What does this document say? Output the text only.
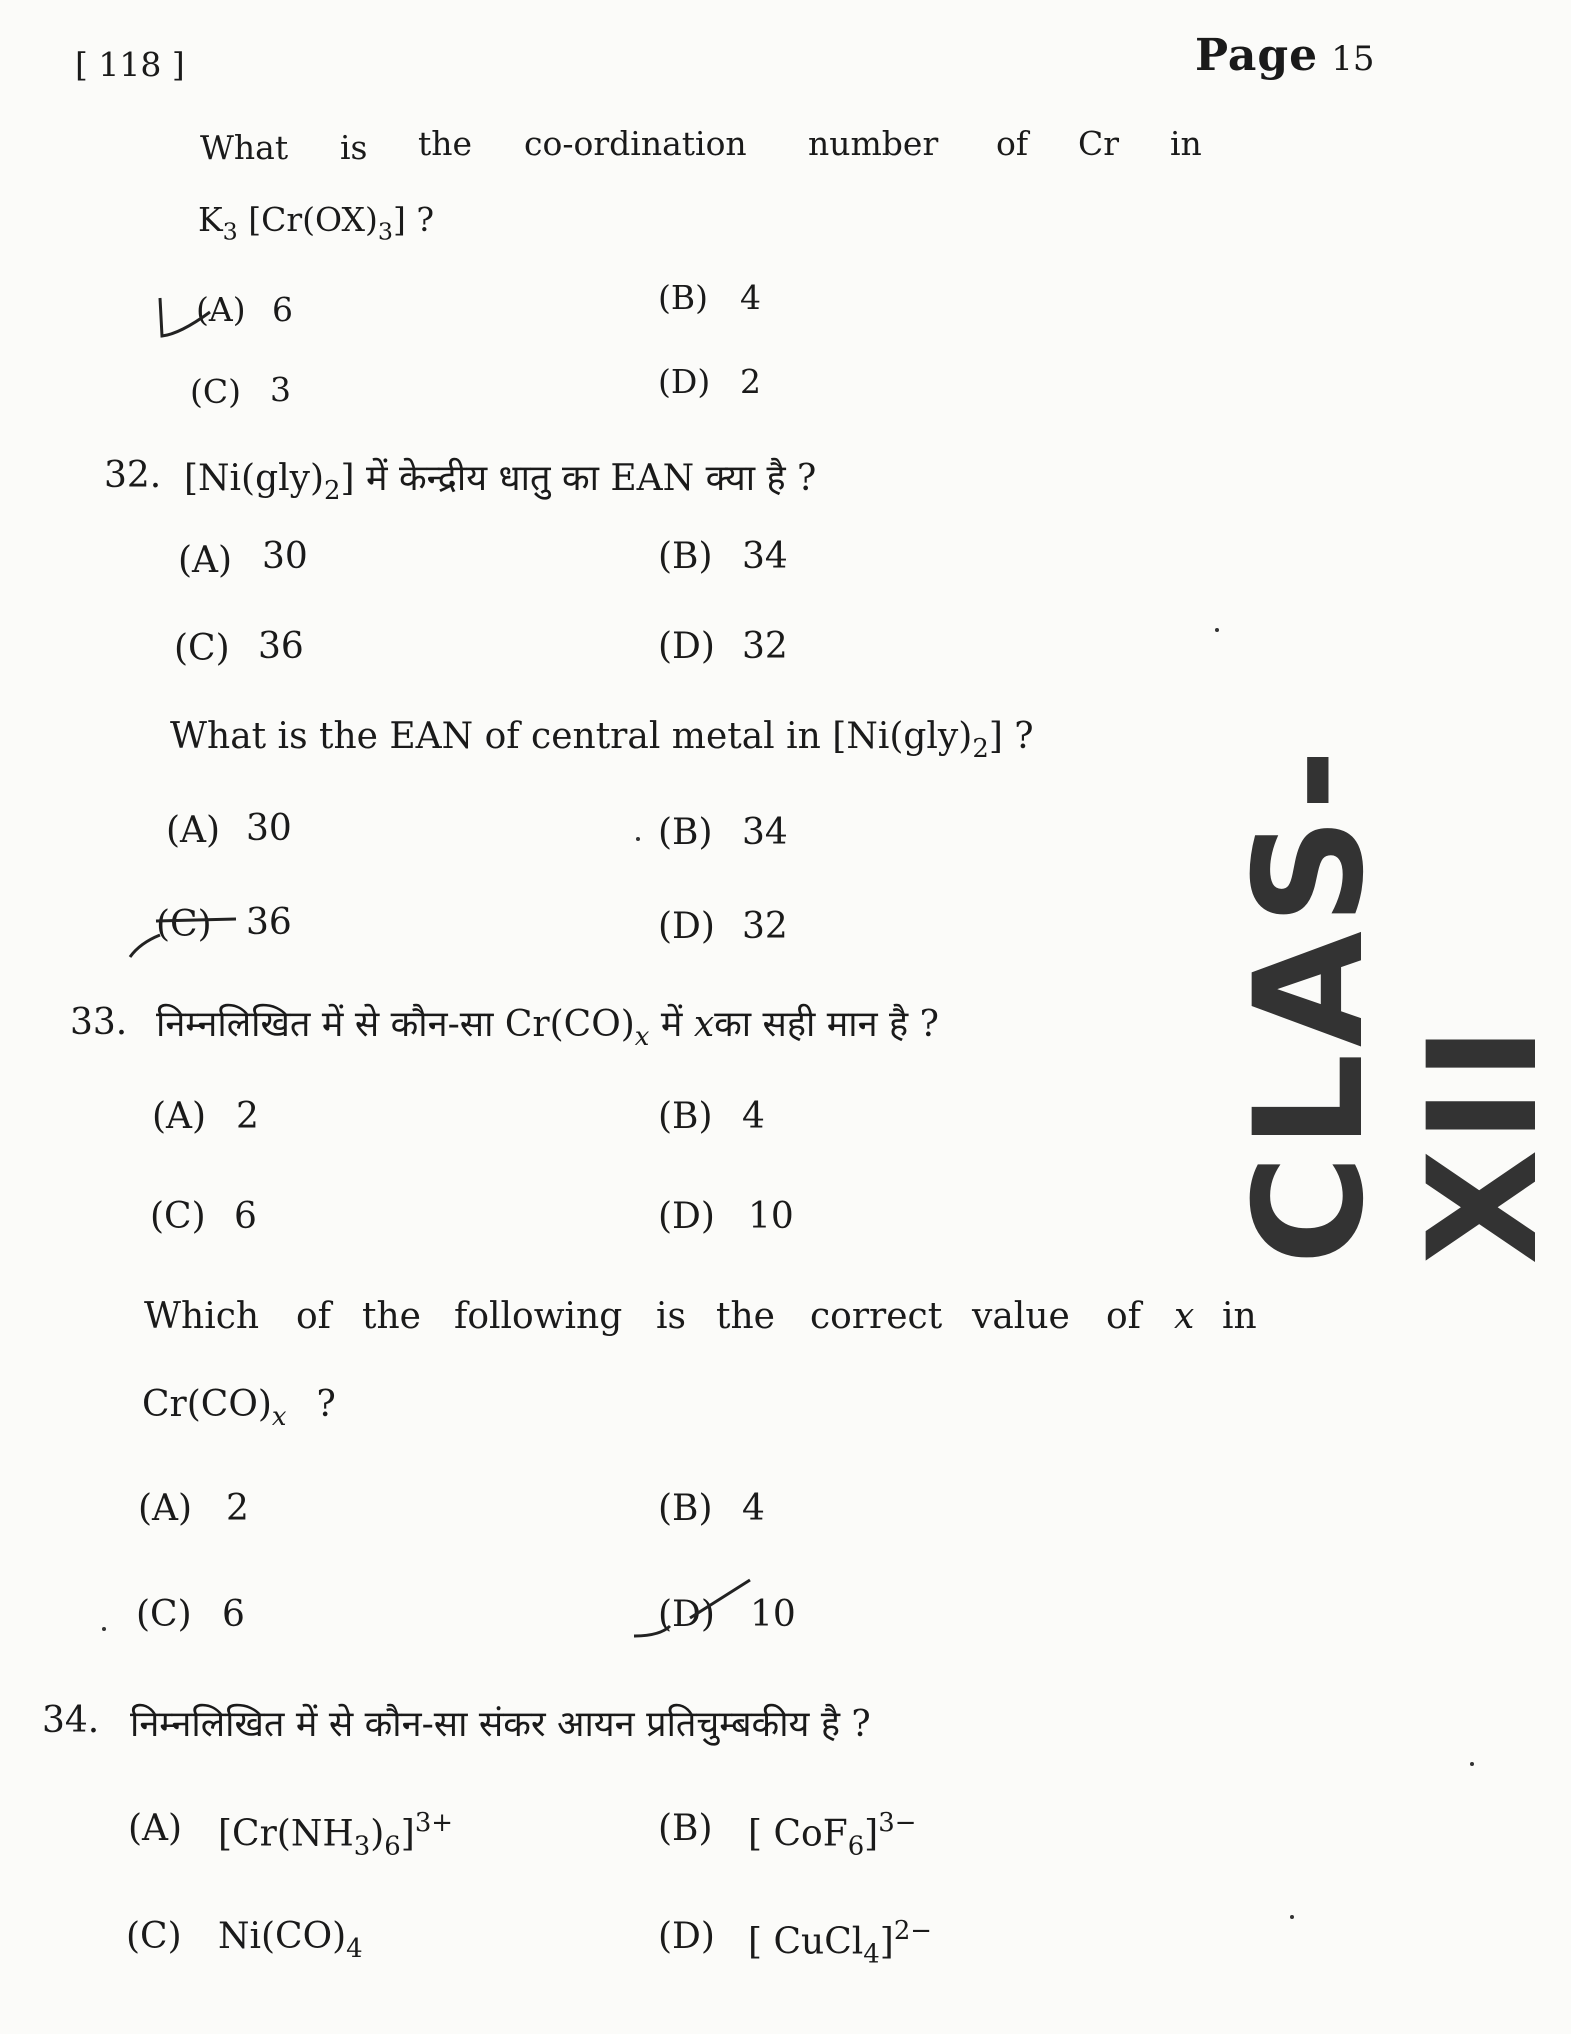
[ 118 ]	Page 15
CLAS-XII
What is the co-ordination number of Cr in
$K_3$ $[Cr(OX)_3]$ ?
(A) 6	(B) 4
(C) 3	(D) 2
32. $[Ni(gly)_2]$ में केन्द्रीय धातु का EAN क्या है ?
(A) 30	(B) 34
(C) 36	(D) 32
What is the EAN of central metal in $[Ni(gly)_2]$ ?
(A) 30	(B) 34
(C) 36	(D) 32
33. निम्नलिखित में से कौन-सा $Cr(CO)_x$ में xका सही मान है ?
(A) 2	(B) 4
(C) 6	(D) 10
Which of the following is the correct value of x in
$Cr(CO)_x$ ?
(A) 2	(B) 4
(C) 6	(D) 10
34. निम्नलिखित में से कौन-सा संकर आयन प्रतिचुम्बकीय है ?
(A) $[Cr(NH_3)_6]^{3+}$	(B) [ CoF$_6$]$^{3-}$
(C) $Ni(CO)_4$	(D) [ CuCl$_4$]$^{2-}$
